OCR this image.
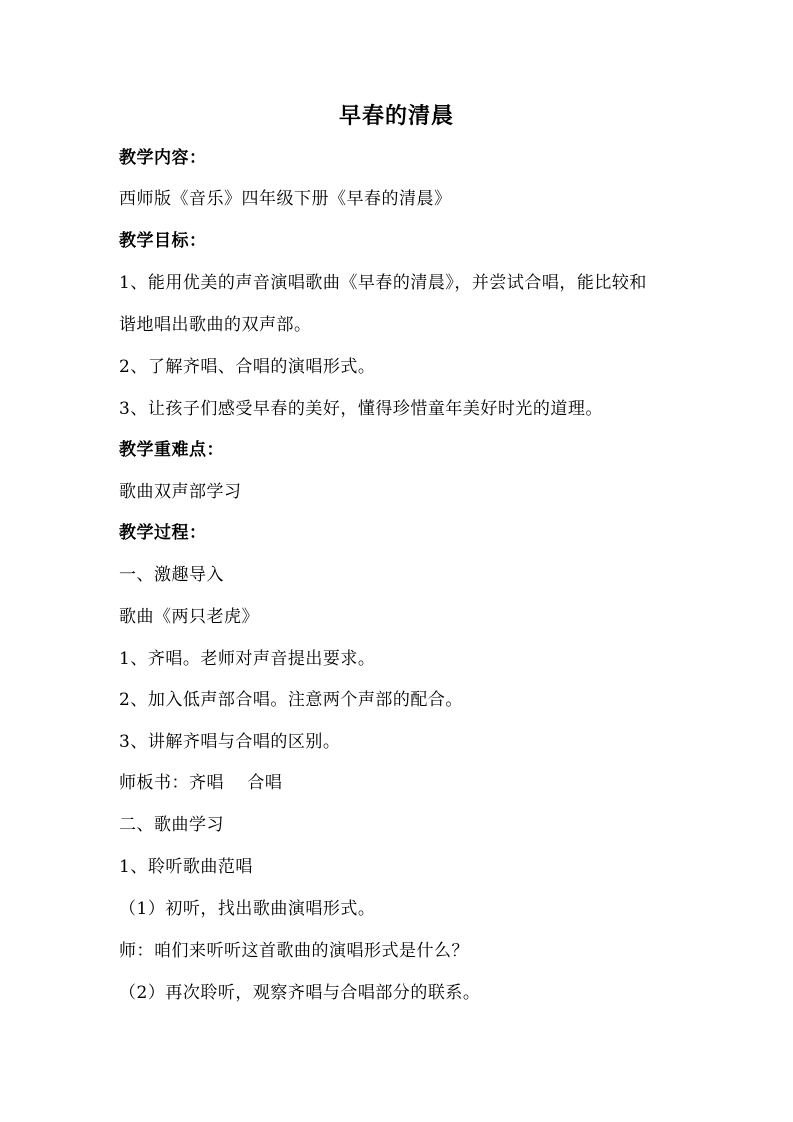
早春的清晨
教学内容：
西师版《音乐》四年级下册《早春的清晨》
教学目标：
1、能用优美的声音演唱歌曲《早春的清晨》，并尝试合唱，能比较和
谐地唱出歌曲的双声部。
2、了解齐唱、合唱的演唱形式。
3、让孩子们感受早春的美好，懂得珍惜童年美好时光的道理。
教学重难点：
歌曲双声部学习
教学过程：
一、激趣导入
歌曲《两只老虎》
1、齐唱。老师对声音提出要求。
2、加入低声部合唱。注意两个声部的配合。
3、讲解齐唱与合唱的区别。
师板书：齐唱　 合唱
二、歌曲学习
1、聆听歌曲范唱
（1）初听，找出歌曲演唱形式。
师：咱们来听听这首歌曲的演唱形式是什么？
（2）再次聆听，观察齐唱与合唱部分的联系。
